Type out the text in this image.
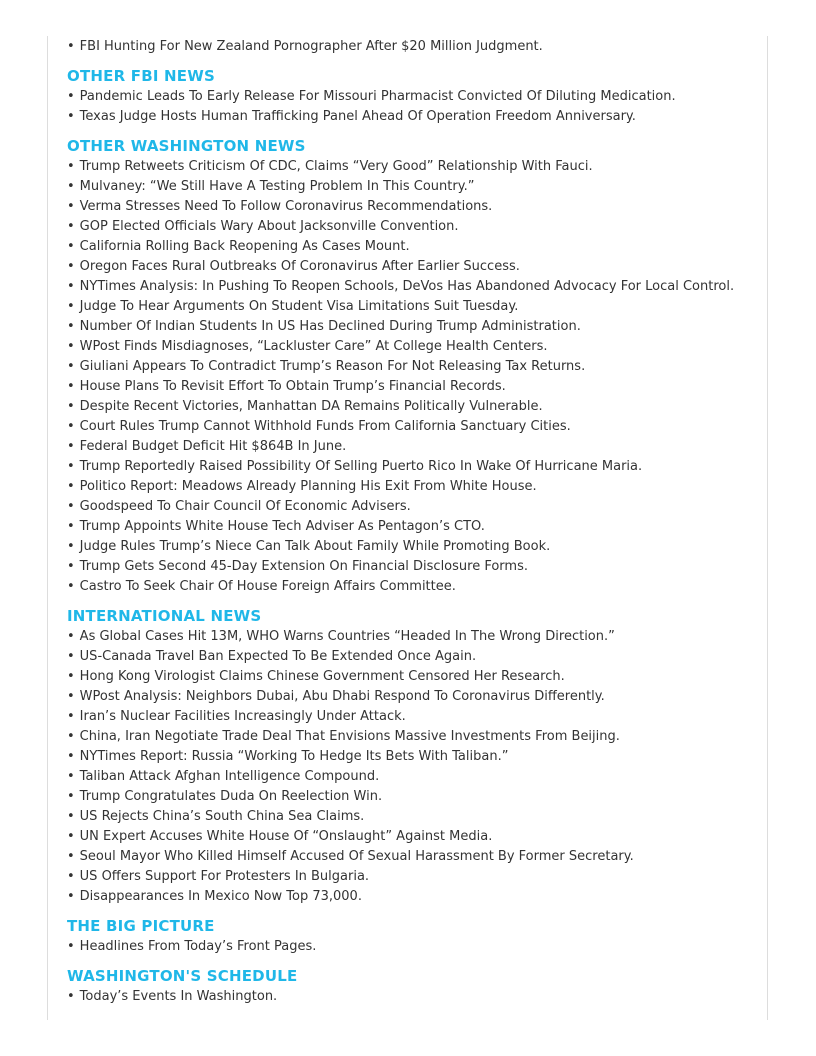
• FBI Hunting For New Zealand Pornographer After $20 Million Judgment.
OTHER FBI NEWS
• Pandemic Leads To Early Release For Missouri Pharmacist Convicted Of Diluting Medication.
• Texas Judge Hosts Human Trafficking Panel Ahead Of Operation Freedom Anniversary.
OTHER WASHINGTON NEWS
• Trump Retweets Criticism Of CDC, Claims “Very Good” Relationship With Fauci.
• Mulvaney: “We Still Have A Testing Problem In This Country.”
• Verma Stresses Need To Follow Coronavirus Recommendations.
• GOP Elected Officials Wary About Jacksonville Convention.
• California Rolling Back Reopening As Cases Mount.
• Oregon Faces Rural Outbreaks Of Coronavirus After Earlier Success.
• NYTimes Analysis: In Pushing To Reopen Schools, DeVos Has Abandoned Advocacy For Local Control.
• Judge To Hear Arguments On Student Visa Limitations Suit Tuesday.
• Number Of Indian Students In US Has Declined During Trump Administration.
• WPost Finds Misdiagnoses, “Lackluster Care” At College Health Centers.
• Giuliani Appears To Contradict Trump’s Reason For Not Releasing Tax Returns.
• House Plans To Revisit Effort To Obtain Trump’s Financial Records.
• Despite Recent Victories, Manhattan DA Remains Politically Vulnerable.
• Court Rules Trump Cannot Withhold Funds From California Sanctuary Cities.
• Federal Budget Deficit Hit $864B In June.
• Trump Reportedly Raised Possibility Of Selling Puerto Rico In Wake Of Hurricane Maria.
• Politico Report: Meadows Already Planning His Exit From White House.
• Goodspeed To Chair Council Of Economic Advisers.
• Trump Appoints White House Tech Adviser As Pentagon’s CTO.
• Judge Rules Trump’s Niece Can Talk About Family While Promoting Book.
• Trump Gets Second 45-Day Extension On Financial Disclosure Forms.
• Castro To Seek Chair Of House Foreign Affairs Committee.
INTERNATIONAL NEWS
• As Global Cases Hit 13M, WHO Warns Countries “Headed In The Wrong Direction.”
• US-Canada Travel Ban Expected To Be Extended Once Again.
• Hong Kong Virologist Claims Chinese Government Censored Her Research.
• WPost Analysis: Neighbors Dubai, Abu Dhabi Respond To Coronavirus Differently.
• Iran’s Nuclear Facilities Increasingly Under Attack.
• China, Iran Negotiate Trade Deal That Envisions Massive Investments From Beijing.
• NYTimes Report: Russia “Working To Hedge Its Bets With Taliban.”
• Taliban Attack Afghan Intelligence Compound.
• Trump Congratulates Duda On Reelection Win.
• US Rejects China’s South China Sea Claims.
• UN Expert Accuses White House Of “Onslaught” Against Media.
• Seoul Mayor Who Killed Himself Accused Of Sexual Harassment By Former Secretary.
• US Offers Support For Protesters In Bulgaria.
• Disappearances In Mexico Now Top 73,000.
THE BIG PICTURE
• Headlines From Today’s Front Pages.
WASHINGTON'S SCHEDULE
• Today’s Events In Washington.
